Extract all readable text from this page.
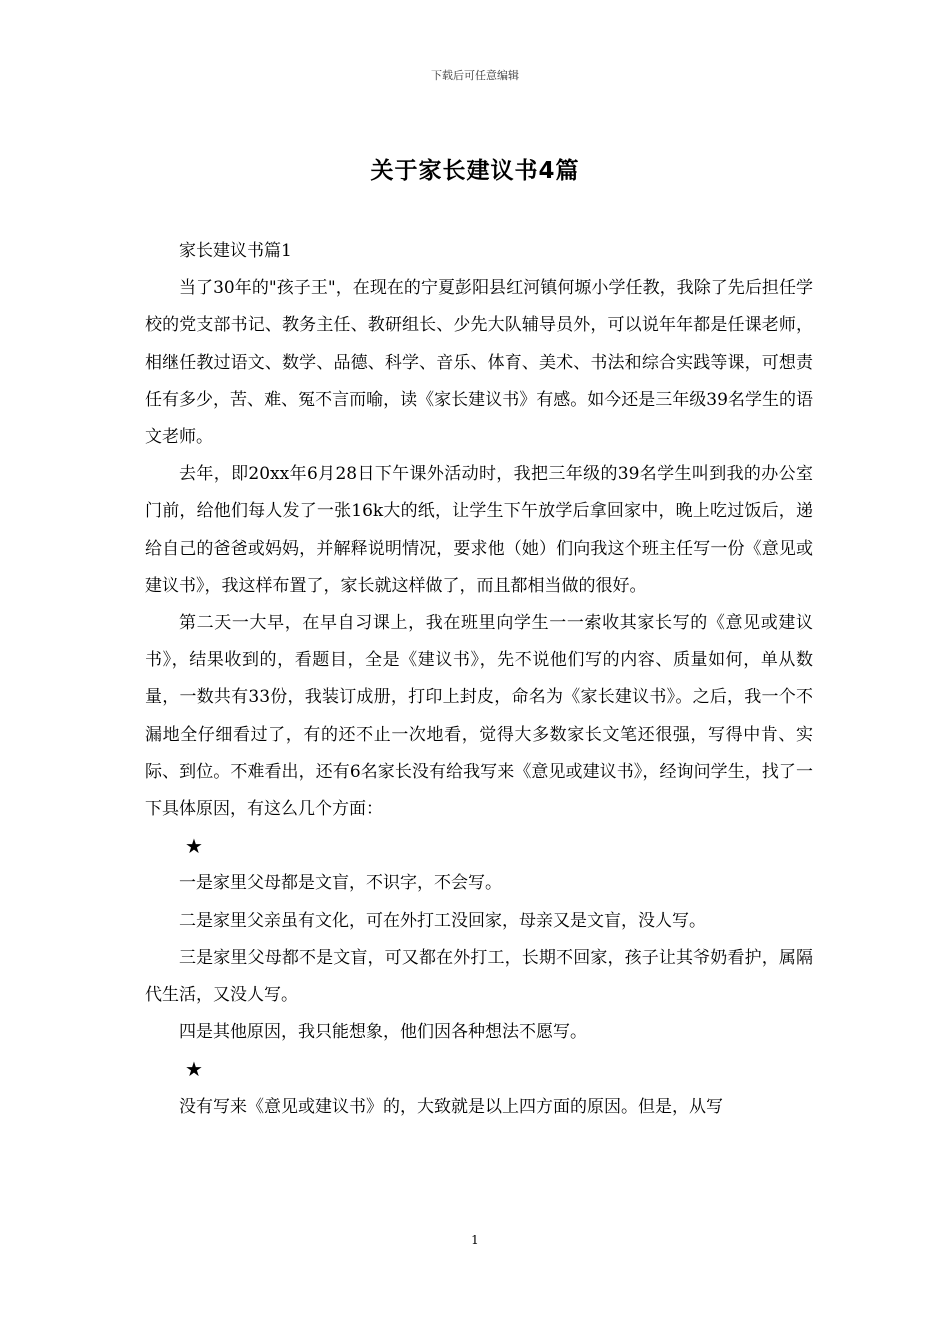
下载后可任意编辑
关于家长建议书4篇

家长建议书篇1

当了30年的"孩子王"，在现在的宁夏彭阳县红河镇何塬小学任教，我除了先后担任学校的党支部书记、教务主任、教研组长、少先大队辅导员外，可以说年年都是任课老师，相继任教过语文、数学、品德、科学、音乐、体育、美术、书法和综合实践等课，可想责任有多少，苦、难、冤不言而喻，读《家长建议书》有感。如今还是三年级39名学生的语文老师。

去年，即20xx年6月28日下午课外活动时，我把三年级的39名学生叫到我的办公室门前，给他们每人发了一张16k大的纸，让学生下午放学后拿回家中，晚上吃过饭后，递给自己的爸爸或妈妈，并解释说明情况，要求他（她）们向我这个班主任写一份《意见或建议书》，我这样布置了，家长就这样做了，而且都相当做的很好。

第二天一大早，在早自习课上，我在班里向学生一一索收其家长写的《意见或建议书》，结果收到的，看题目，全是《建议书》，先不说他们写的内容、质量如何，单从数量，一数共有33份，我装订成册，打印上封皮，命名为《家长建议书》。之后，我一个不漏地全仔细看过了，有的还不止一次地看，觉得大多数家长文笔还很强，写得中肯、实际、到位。不难看出，还有6名家长没有给我写来《意见或建议书》，经询问学生，找了一下具体原因，有这么几个方面：

★

一是家里父母都是文盲，不识字，不会写。

二是家里父亲虽有文化，可在外打工没回家，母亲又是文盲，没人写。

三是家里父母都不是文盲，可又都在外打工，长期不回家，孩子让其爷奶看护，属隔代生活，又没人写。

四是其他原因，我只能想象，他们因各种想法不愿写。

★

没有写来《意见或建议书》的，大致就是以上四方面的原因。但是，从写

1
